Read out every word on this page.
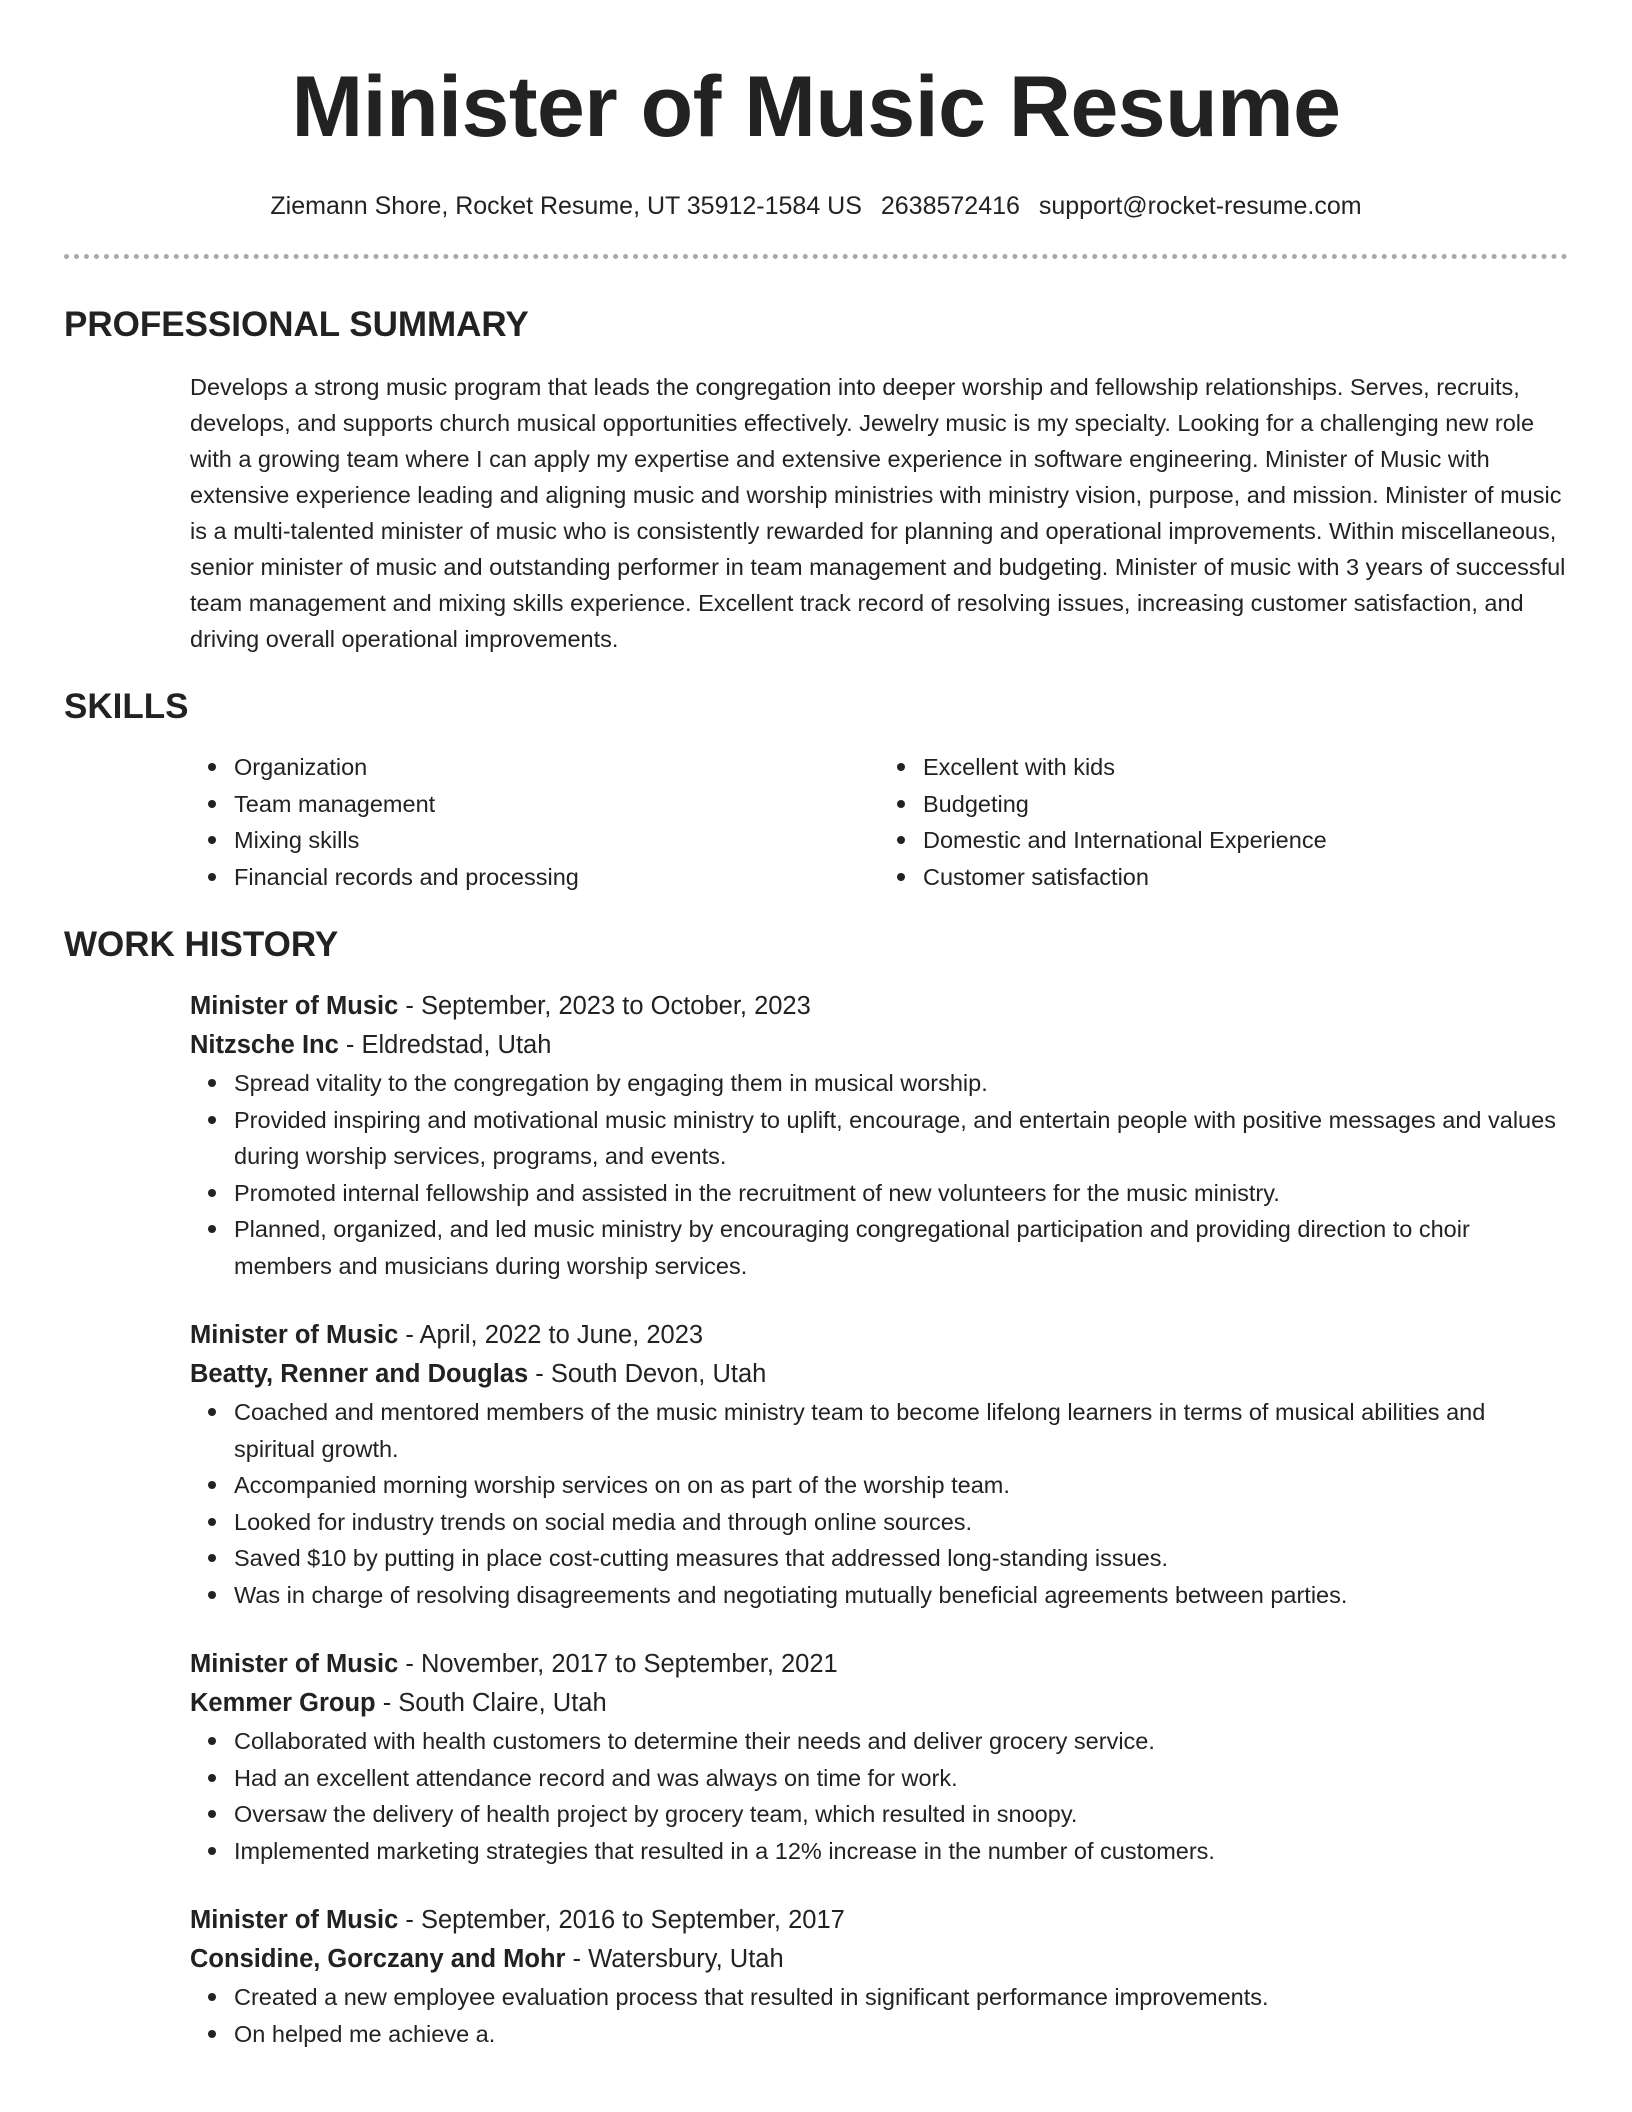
Minister of Music Resume
Ziemann Shore, Rocket Resume, UT 35912-1584 US 2638572416 support@rocket-resume.com
PROFESSIONAL SUMMARY
Develops a strong music program that leads the congregation into deeper worship and fellowship relationships. Serves, recruits, develops, and supports church musical opportunities effectively. Jewelry music is my specialty. Looking for a challenging new role with a growing team where I can apply my expertise and extensive experience in software engineering. Minister of Music with extensive experience leading and aligning music and worship ministries with ministry vision, purpose, and mission. Minister of music is a multi-talented minister of music who is consistently rewarded for planning and operational improvements. Within miscellaneous, senior minister of music and outstanding performer in team management and budgeting. Minister of music with 3 years of successful team management and mixing skills experience. Excellent track record of resolving issues, increasing customer satisfaction, and driving overall operational improvements.
SKILLS
Organization
Team management
Mixing skills
Financial records and processing
Excellent with kids
Budgeting
Domestic and International Experience
Customer satisfaction
WORK HISTORY
Minister of Music - September, 2023 to October, 2023
Nitzsche Inc - Eldredstad, Utah
Spread vitality to the congregation by engaging them in musical worship.
Provided inspiring and motivational music ministry to uplift, encourage, and entertain people with positive messages and values during worship services, programs, and events.
Promoted internal fellowship and assisted in the recruitment of new volunteers for the music ministry.
Planned, organized, and led music ministry by encouraging congregational participation and providing direction to choir members and musicians during worship services.
Minister of Music - April, 2022 to June, 2023
Beatty, Renner and Douglas - South Devon, Utah
Coached and mentored members of the music ministry team to become lifelong learners in terms of musical abilities and spiritual growth.
Accompanied morning worship services on on as part of the worship team.
Looked for industry trends on social media and through online sources.
Saved $10 by putting in place cost-cutting measures that addressed long-standing issues.
Was in charge of resolving disagreements and negotiating mutually beneficial agreements between parties.
Minister of Music - November, 2017 to September, 2021
Kemmer Group - South Claire, Utah
Collaborated with health customers to determine their needs and deliver grocery service.
Had an excellent attendance record and was always on time for work.
Oversaw the delivery of health project by grocery team, which resulted in snoopy.
Implemented marketing strategies that resulted in a 12% increase in the number of customers.
Minister of Music - September, 2016 to September, 2017
Considine, Gorczany and Mohr - Watersbury, Utah
Created a new employee evaluation process that resulted in significant performance improvements.
On helped me achieve a.
